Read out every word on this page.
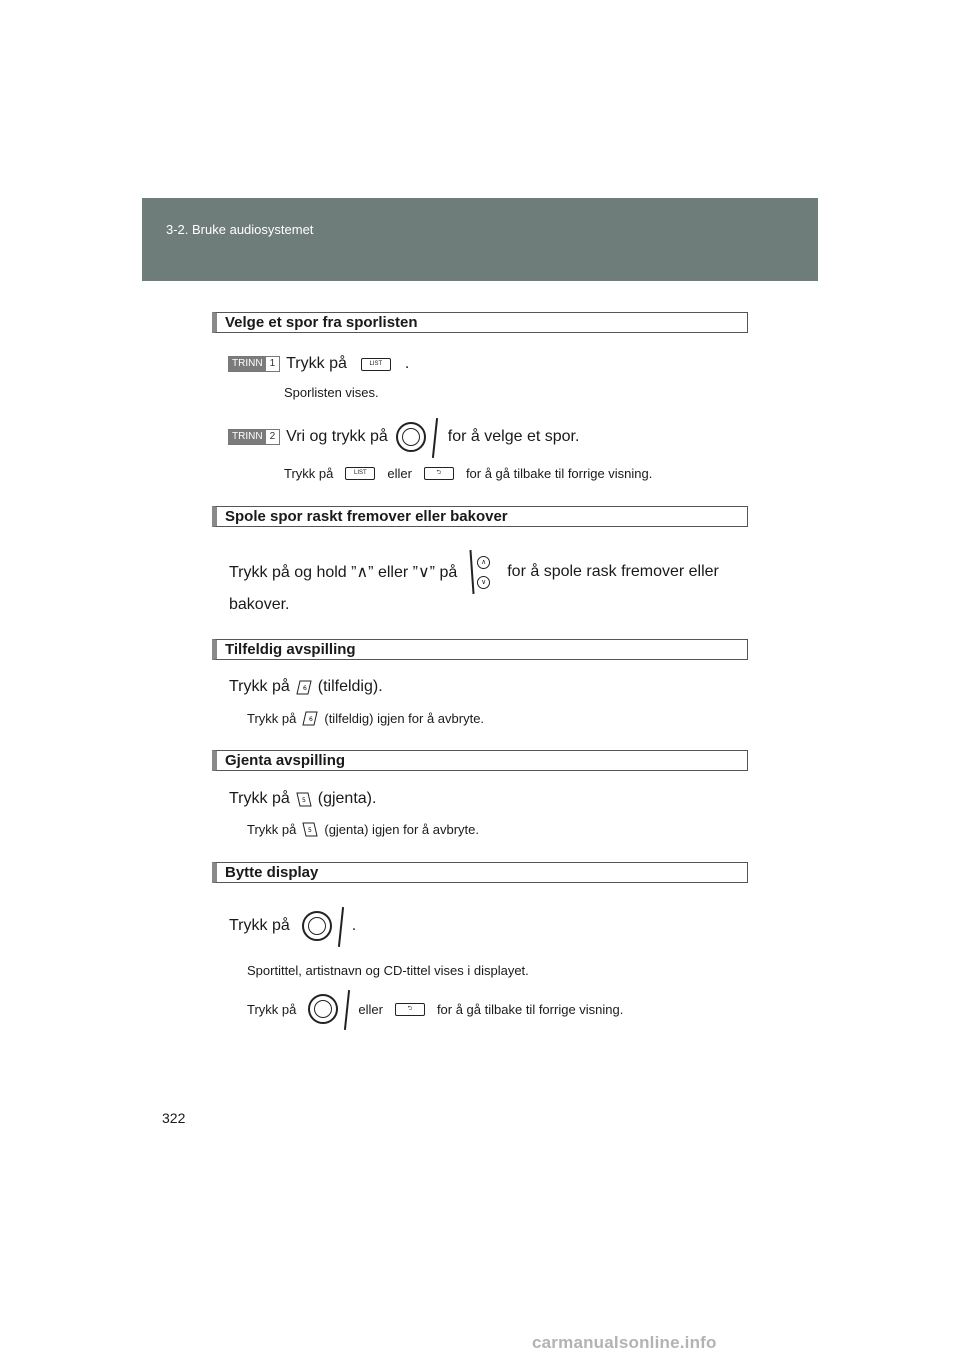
3-2. Bruke audiosystemet
Velge et spor fra sporlisten
TRINN 1 Trykk på	LIST	.
Sporlisten vises.
TRINN 2 Vri og trykk på	for å velge et spor.
Trykk på	LIST	eller	⮌	for å gå tilbake til forrige visning.
Spole spor raskt fremover eller bakover
Trykk på og hold ”∧” eller ”∨” på
∧
∨
for å spole rask fremover eller
bakover.
Tilfeldig avspilling
Trykk på 6 (tilfeldig).
Trykk på 6 (tilfeldig) igjen for å avbryte.
Gjenta avspilling
Trykk på 5 (gjenta).
Trykk på 5 (gjenta) igjen for å avbryte.
Bytte display
Trykk på	.
Sportittel, artistnavn og CD-tittel vises i displayet.
Trykk på	eller	⮌	for å gå tilbake til forrige visning.
322
carmanualsonline.info
